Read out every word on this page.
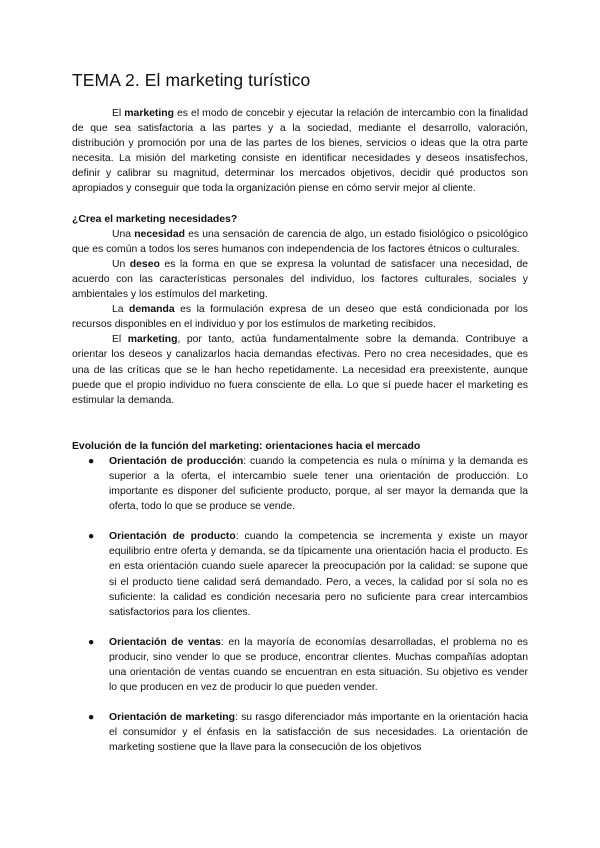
TEMA 2. El marketing turístico

El marketing es el modo de concebir y ejecutar la relación de intercambio con la finalidad de que sea satisfactoria a las partes y a la sociedad, mediante el desarrollo, valoración, distribución y promoción por una de las partes de los bienes, servicios o ideas que la otra parte necesita. La misión del marketing consiste en identificar necesidades y deseos insatisfechos, definir y calibrar su magnitud, determinar los mercados objetivos, decidir qué productos son apropiados y conseguir que toda la organización piense en cómo servir mejor al cliente.

¿Crea el marketing necesidades?

Una necesidad es una sensación de carencia de algo, un estado fisiológico o psicológico que es común a todos los seres humanos con independencia de los factores étnicos o culturales.

Un deseo es la forma en que se expresa la voluntad de satisfacer una necesidad, de acuerdo con las características personales del individuo, los factores culturales, sociales y ambientales y los estímulos del marketing.

La demanda es la formulación expresa de un deseo que está condicionada por los recursos disponibles en el individuo y por los estímulos de marketing recibidos.

El marketing, por tanto, actúa fundamentalmente sobre la demanda. Contribuye a orientar los deseos y canalizarlos hacia demandas efectivas. Pero no crea necesidades, que es una de las críticas que se le han hecho repetidamente. La necesidad era preexistente, aunque puede que el propio individuo no fuera consciente de ella. Lo que sí puede hacer el marketing es estimular la demanda.

Evolución de la función del marketing: orientaciones hacia el mercado
● Orientación de producción: cuando la competencia es nula o mínima y la demanda es superior a la oferta, el intercambio suele tener una orientación de producción. Lo importante es disponer del suficiente producto, porque, al ser mayor la demanda que la oferta, todo lo que se produce se vende.
● Orientación de producto: cuando la competencia se incrementa y existe un mayor equilibrio entre oferta y demanda, se da típicamente una orientación hacia el producto. Es en esta orientación cuando suele aparecer la preocupación por la calidad: se supone que si el producto tiene calidad será demandado. Pero, a veces, la calidad por sí sola no es suficiente: la calidad es condición necesaria pero no suficiente para crear intercambios satisfactorios para los clientes.
● Orientación de ventas: en la mayoría de economías desarrolladas, el problema no es producir, sino vender lo que se produce, encontrar clientes. Muchas compañías adoptan una orientación de ventas cuando se encuentran en esta situación. Su objetivo es vender lo que producen en vez de producir lo que pueden vender.
● Orientación de marketing: su rasgo diferenciador más importante en la orientación hacia el consumidor y el énfasis en la satisfacción de sus necesidades. La orientación de marketing sostiene que la llave para la consecución de los objetivos
